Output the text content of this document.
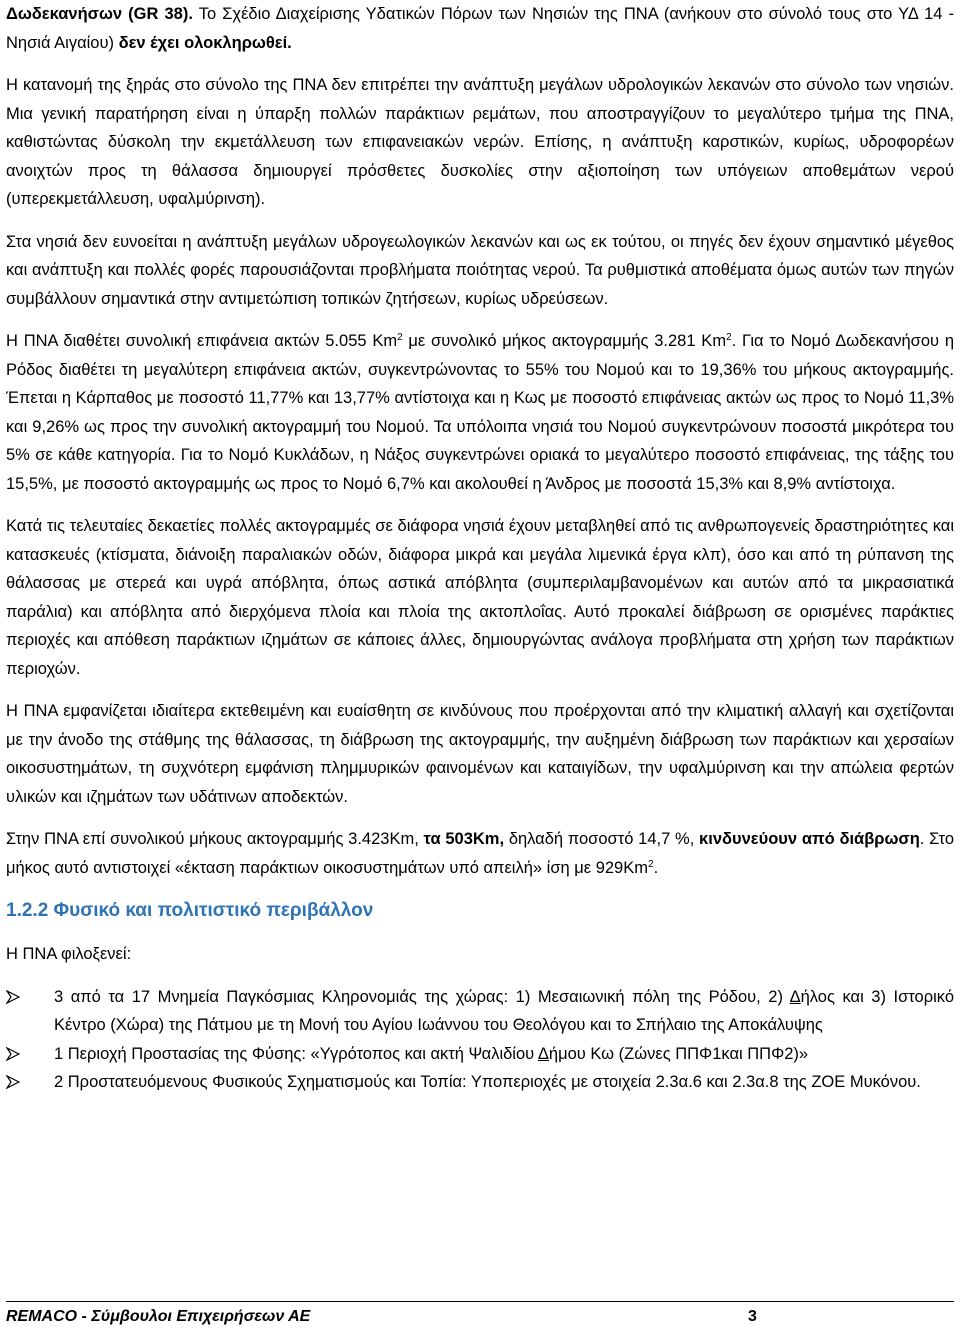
Δωδεκανήσων (GR 38). Το Σχέδιο Διαχείρισης Υδατικών Πόρων των Νησιών της ΠΝΑ (ανήκουν στο σύνολό τους στο ΥΔ 14 - Νησιά Αιγαίου) δεν έχει ολοκληρωθεί.

Η κατανομή της ξηράς στο σύνολο της ΠΝΑ δεν επιτρέπει την ανάπτυξη μεγάλων υδρολογικών λεκανών στο σύνολο των νησιών. Μια γενική παρατήρηση είναι η ύπαρξη πολλών παράκτιων ρεμάτων, που αποστραγγίζουν το μεγαλύτερο τμήμα της ΠΝΑ, καθιστώντας δύσκολη την εκμετάλλευση των επιφανειακών νερών. Επίσης, η ανάπτυξη καρστικών, κυρίως, υδροφορέων ανοιχτών προς τη θάλασσα δημιουργεί πρόσθετες δυσκολίες στην αξιοποίηση των υπόγειων αποθεμάτων νερού (υπερεκμετάλλευση, υφαλμύρινση).

Στα νησιά δεν ευνοείται η ανάπτυξη μεγάλων υδρογεωλογικών λεκανών και ως εκ τούτου, οι πηγές δεν έχουν σημαντικό μέγεθος και ανάπτυξη και πολλές φορές παρουσιάζονται προβλήματα ποιότητας νερού. Τα ρυθμιστικά αποθέματα όμως αυτών των πηγών συμβάλλουν σημαντικά στην αντιμετώπιση τοπικών ζητήσεων, κυρίως υδρεύσεων.

Η ΠΝΑ διαθέτει συνολική επιφάνεια ακτών 5.055 Km$^2$ με συνολικό μήκος ακτογραμμής 3.281 Km$^2$. Για το Νομό Δωδεκανήσου η Ρόδος διαθέτει τη μεγαλύτερη επιφάνεια ακτών, συγκεντρώνοντας το 55% του Νομού και το 19,36% του μήκους ακτογραμμής. Έπεται η Κάρπαθος με ποσοστό 11,77% και 13,77% αντίστοιχα και η Κως με ποσοστό επιφάνειας ακτών ως προς το Νομό 11,3% και 9,26% ως προς την συνολική ακτογραμμή του Νομού. Τα υπόλοιπα νησιά του Νομού συγκεντρώνουν ποσοστά μικρότερα του 5% σε κάθε κατηγορία. Για το Νομό Κυκλάδων, η Νάξος συγκεντρώνει οριακά το μεγαλύτερο ποσοστό επιφάνειας, της τάξης του 15,5%, με ποσοστό ακτογραμμής ως προς το Νομό 6,7% και ακολουθεί η Άνδρος με ποσοστά 15,3% και 8,9% αντίστοιχα.

Κατά τις τελευταίες δεκαετίες πολλές ακτογραμμές σε διάφορα νησιά έχουν μεταβληθεί από τις ανθρωπογενείς δραστηριότητες και κατασκευές (κτίσματα, διάνοιξη παραλιακών οδών, διάφορα μικρά και μεγάλα λιμενικά έργα κλπ), όσο και από τη ρύπανση της θάλασσας με στερεά και υγρά απόβλητα, όπως αστικά απόβλητα (συμπεριλαμβανομένων και αυτών από τα μικρασιατικά παράλια) και απόβλητα από διερχόμενα πλοία και πλοία της ακτοπλοΐας. Αυτό προκαλεί διάβρωση σε ορισμένες παράκτιες περιοχές και απόθεση παράκτιων ιζημάτων σε κάποιες άλλες, δημιουργώντας ανάλογα προβλήματα στη χρήση των παράκτιων περιοχών.

Η ΠΝΑ εμφανίζεται ιδιαίτερα εκτεθειμένη και ευαίσθητη σε κινδύνους που προέρχονται από την κλιματική αλλαγή και σχετίζονται με την άνοδο της στάθμης της θάλασσας, τη διάβρωση της ακτογραμμής, την αυξημένη διάβρωση των παράκτιων και χερσαίων οικοσυστημάτων, τη συχνότερη εμφάνιση πλημμυρικών φαινομένων και καταιγίδων, την υφαλμύρινση και την απώλεια φερτών υλικών και ιζημάτων των υδάτινων αποδεκτών.

Στην ΠΝΑ επί συνολικού μήκους ακτογραμμής 3.423Km, τα 503Km, δηλαδή ποσοστό 14,7 %, κινδυνεύουν από διάβρωση. Στο μήκος αυτό αντιστοιχεί «έκταση παράκτιων οικοσυστημάτων υπό απειλή» ίση με 929Km$^2$.

1.2.2 Φυσικό και πολιτιστικό περιβάλλον

Η ΠΝΑ φιλοξενεί:

3 από τα 17 Μνημεία Παγκόσμιας Κληρονομιάς της χώρας: 1) Μεσαιωνική πόλη της Ρόδου, 2) Δήλος και 3) Ιστορικό Κέντρο (Χώρα) της Πάτμου με τη Μονή του Αγίου Ιωάννου του Θεολόγου και το Σπήλαιο της Αποκάλυψης
1 Περιοχή Προστασίας της Φύσης: «Υγρότοπος και ακτή Ψαλιδίου Δήμου Κω (Ζώνες ΠΠΦ1και ΠΠΦ2)»
2 Προστατευόμενους Φυσικούς Σχηματισμούς και Τοπία: Υποπεριοχές με στοιχεία 2.3α.6 και 2.3α.8 της ΖΟΕ Μυκόνου.
REMACO - Σύμβουλοι Επιχειρήσεων ΑΕ	3
